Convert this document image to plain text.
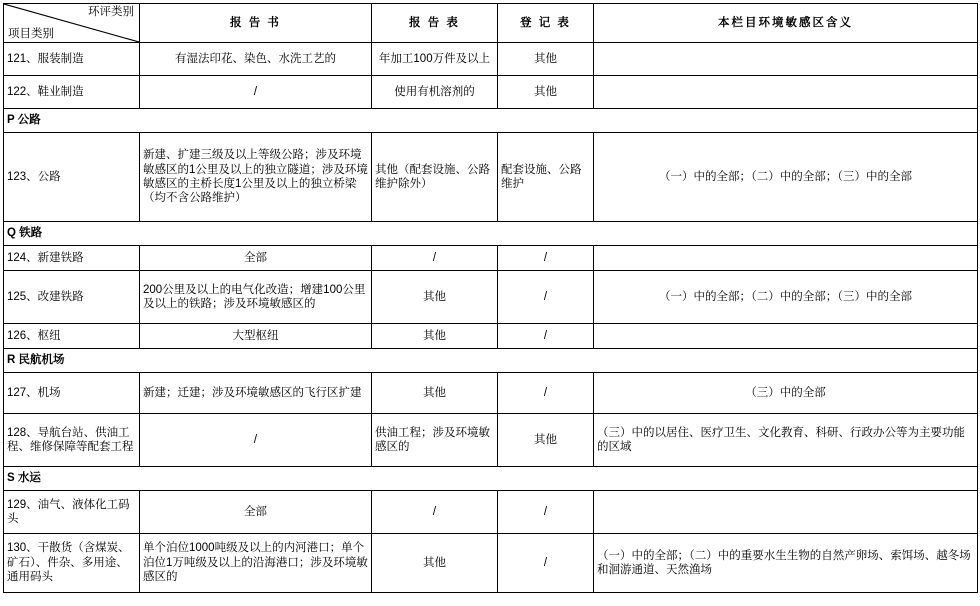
环评类别
项目类别	报 告 书	报 告 表	登 记 表	本栏目环境敏感区含义
121、服装制造	有湿法印花、染色、水洗工艺的	年加工100万件及以上	其他	
122、鞋业制造	/	使用有机溶剂的	其他	
P 公路				
123、公路	新建、扩建三级及以上等级公路；涉及环境敏感区的1公里及以上的独立隧道；涉及环境敏感区的主桥长度1公里及以上的独立桥梁（均不含公路维护）	其他（配套设施、公路维护除外）	配套设施、公路维护	（一）中的全部；（二）中的全部；（三）中的全部
Q 铁路				
124、新建铁路	全部	/	/	
125、改建铁路	200公里及以上的电气化改造；增建100公里及以上的铁路；涉及环境敏感区的	其他	/	（一）中的全部；（二）中的全部；（三）中的全部
126、枢纽	大型枢纽	其他	/	
R 民航机场				
127、机场	新建；迁建；涉及环境敏感区的飞行区扩建	其他	/	（三）中的全部
128、导航台站、供油工程、维修保障等配套工程	/	供油工程；涉及环境敏感区的	其他	（三）中的以居住、医疗卫生、文化教育、科研、行政办公等为主要功能的区域
S 水运				
129、油气、液体化工码头	全部	/	/	
130、干散货（含煤炭、矿石）、件杂、多用途、通用码头	单个泊位1000吨级及以上的内河港口；单个泊位1万吨级及以上的沿海港口；涉及环境敏感区的	其他	/	（一）中的全部；（二）中的重要水生生物的自然产卵场、索饵场、越冬场和洄游通道、天然渔场
